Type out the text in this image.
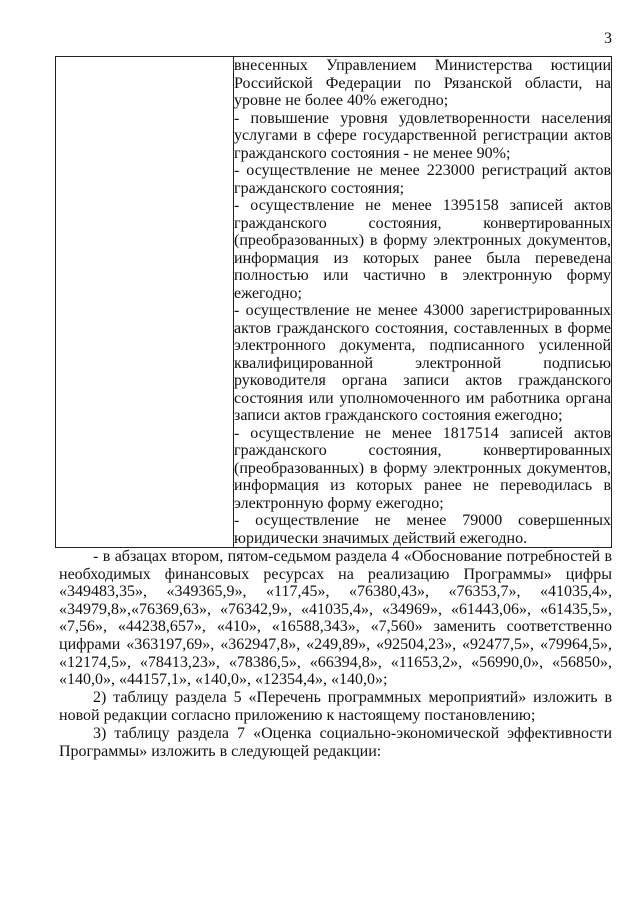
3

внесенных Управлением Министерства юстиции Российской Федерации по Рязанской области, на уровне не более 40% ежегодно;

- повышение уровня удовлетворенности населения услугами в сфере государственной регистрации актов гражданского состояния - не менее 90%;

- осуществление не менее 223000 регистраций актов гражданского состояния;

- осуществление не менее 1395158 записей актов гражданского состояния, конвертированных (преобразованных) в форму электронных документов, информация из которых ранее была переведена полностью или частично в электронную форму ежегодно;

- осуществление не менее 43000 зарегистрированных актов гражданского состояния, составленных в форме электронного документа, подписанного усиленной квалифицированной электронной подписью руководителя органа записи актов гражданского состояния или уполномоченного им работника органа записи актов гражданского состояния ежегодно;

- осуществление не менее 1817514 записей актов гражданского состояния, конвертированных (преобразованных) в форму электронных документов, информация из которых ранее не переводилась в электронную форму ежегодно;

- осуществление не менее 79000 совершенных юридически значимых действий ежегодно.

- в абзацах втором, пятом-седьмом раздела 4 «Обоснование потребностей в необходимых финансовых ресурсах на реализацию Программы» цифры «349483,35», «349365,9», «117,45», «76380,43», «76353,7», «41035,4», «34979,8»,«76369,63», «76342,9», «41035,4», «34969», «61443,06», «61435,5», «7,56», «44238,657», «410», «16588,343», «7,560» заменить соответственно цифрами «363197,69», «362947,8», «249,89», «92504,23», «92477,5», «79964,5», «12174,5», «78413,23», «78386,5», «66394,8», «11653,2», «56990,0», «56850», «140,0», «44157,1», «140,0», «12354,4», «140,0»;

2) таблицу раздела 5 «Перечень программных мероприятий» изложить в новой редакции согласно приложению к настоящему постановлению;

3) таблицу раздела 7 «Оценка социально-экономической эффективности Программы» изложить в следующей редакции:
